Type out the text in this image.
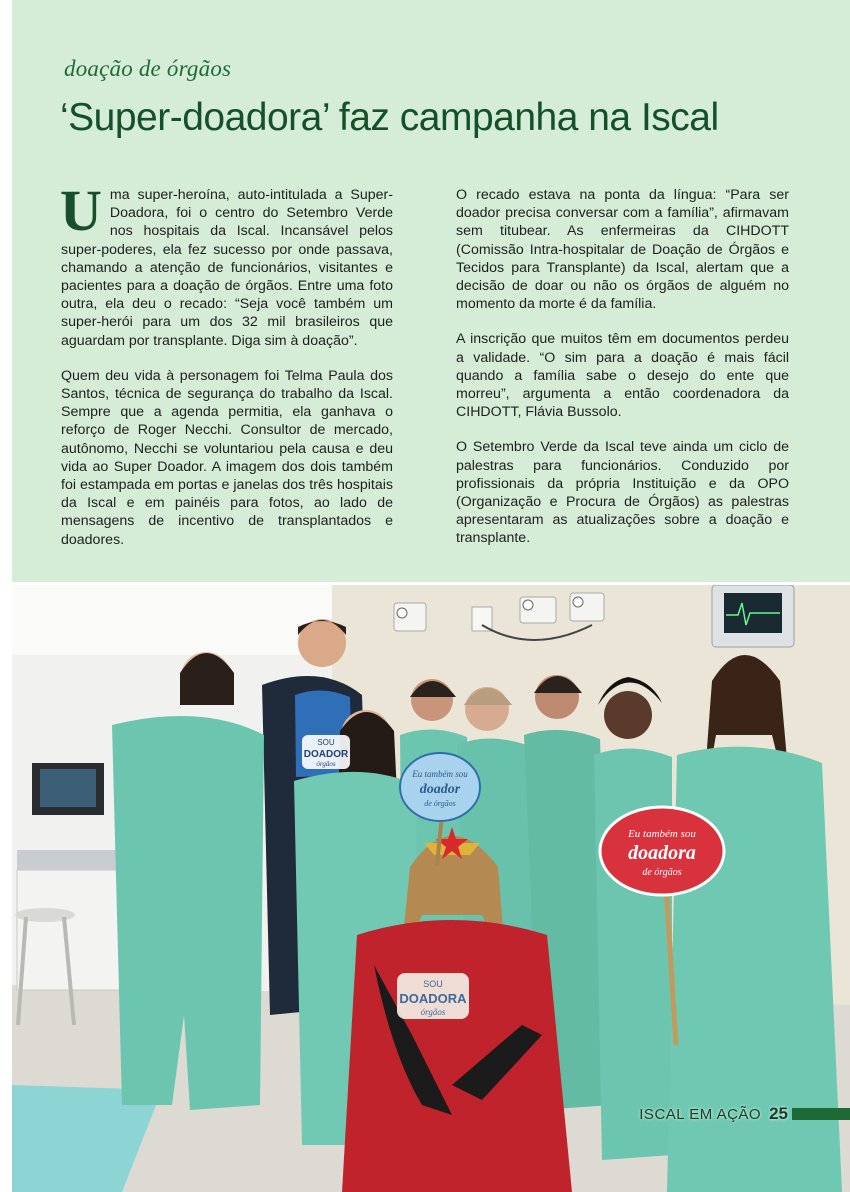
doação de órgãos
‘Super-doadora’ faz campanha na Iscal

Uma super-heroína, auto-intitulada a Super-Doadora, foi o centro do Setembro Verde nos hospitais da Iscal. Incansável pelos super-poderes, ela fez sucesso por onde passava, chamando a atenção de funcionários, visitantes e pacientes para a doação de órgãos. Entre uma foto outra, ela deu o recado: “Seja você também um super-herói para um dos 32 mil brasileiros que aguardam por transplante. Diga sim à doação”.

Quem deu vida à personagem foi Telma Paula dos Santos, técnica de segurança do trabalho da Iscal. Sempre que a agenda permitia, ela ganhava o reforço de Roger Necchi. Consultor de mercado, autônomo, Necchi se voluntariou pela causa e deu vida ao Super Doador. A imagem dos dois também foi estampada em portas e janelas dos três hospitais da Iscal e em painéis para fotos, ao lado de mensagens de incentivo de transplantados e doadores.

O recado estava na ponta da língua: “Para ser doador precisa conversar com a família”, afirmavam sem titubear. As enfermeiras da CIHDOTT (Comissão Intra-hospitalar de Doação de Órgãos e Tecidos para Transplante) da Iscal, alertam que a decisão de doar ou não os órgãos de alguém no momento da morte é da família.

A inscrição que muitos têm em documentos perdeu a validade. “O sim para a doação é mais fácil quando a família sabe o desejo do ente que morreu”, argumenta a então coordenadora da CIHDOTT, Flávia Bussolo.

O Setembro Verde da Iscal teve ainda um ciclo de palestras para funcionários. Conduzido por profissionais da própria Instituição e da OPO (Organização e Procura de Órgãos) as palestras apresentaram as atualizações sobre a doação e transplante.

SOU
DOADOR
órgãos
SOU
DOADORA
órgãos
Eu também sou
doador
de órgãos
Eu também sou
doadora
de órgãos
ISCAL EM AÇÃO 25
